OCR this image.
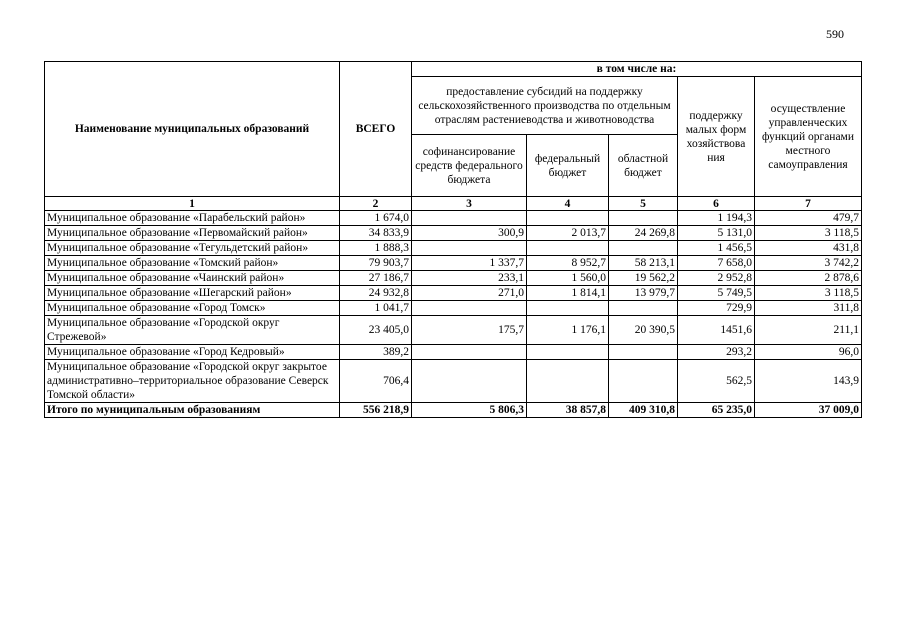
590
Наименование муниципальных образований	ВСЕГО	в том числе на:				
		предоставление субсидий на поддержку сельскохозяйственного производства по отдельным отраслям растениеводства и животноводства			поддержку малых форм хозяйствова ния	осуществление управленческих функций органами местного самоуправления
		софинансирование средств федерального бюджета	федеральный бюджет	областной бюджет		
1	2	3	4	5	6	7
Муниципальное образование «Парабельский район»	1 674,0				1 194,3	479,7
Муниципальное образование «Первомайский район»	34 833,9	300,9	2 013,7	24 269,8	5 131,0	3 118,5
Муниципальное образование «Тегульдетский район»	1 888,3				1 456,5	431,8
Муниципальное образование «Томский район»	79 903,7	1 337,7	8 952,7	58 213,1	7 658,0	3 742,2
Муниципальное образование «Чаинский район»	27 186,7	233,1	1 560,0	19 562,2	2 952,8	2 878,6
Муниципальное образование «Шегарский район»	24 932,8	271,0	1 814,1	13 979,7	5 749,5	3 118,5
Муниципальное образование «Город Томск»	1 041,7				729,9	311,8
Муниципальное образование «Городской округ Стрежевой»	23 405,0	175,7	1 176,1	20 390,5	1451,6	211,1
Муниципальное образование «Город Кедровый»	389,2				293,2	96,0
Муниципальное образование «Городской округ закрытое административно–территориальное образование Северск Томской области»	706,4				562,5	143,9
Итого по муниципальным образованиям	556 218,9	5 806,3	38 857,8	409 310,8	65 235,0	37 009,0
